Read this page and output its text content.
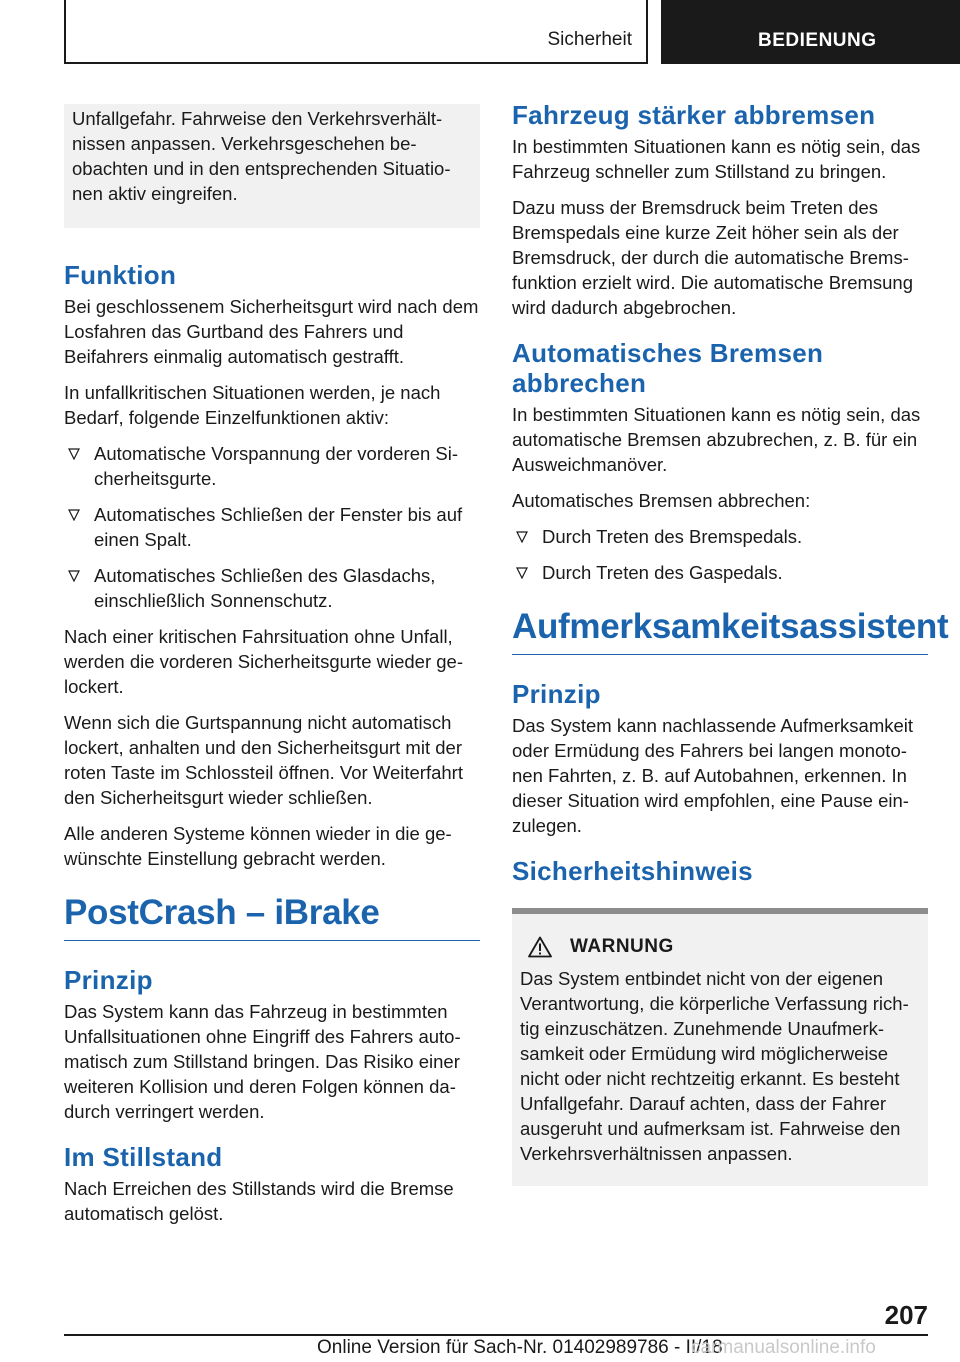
Sicherheit	BEDIENUNG

Unfallgefahr. Fahrweise den Verkehrsverhältnissen anpassen. Verkehrsgeschehen beobachten und in den entsprechenden Situationen aktiv eingreifen.

Funktion

Bei geschlossenem Sicherheitsgurt wird nach dem Losfahren das Gurtband des Fahrers und Beifahrers einmalig automatisch gestrafft.

In unfallkritischen Situationen werden, je nach Bedarf, folgende Einzelfunktionen aktiv:

Automatische Vorspannung der vorderen Sicherheitsgurte.
Automatisches Schließen der Fenster bis auf einen Spalt.
Automatisches Schließen des Glasdachs, einschließlich Sonnenschutz.

Nach einer kritischen Fahrsituation ohne Unfall, werden die vorderen Sicherheitsgurte wieder gelockert.

Wenn sich die Gurtspannung nicht automatisch lockert, anhalten und den Sicherheitsgurt mit der roten Taste im Schlossteil öffnen. Vor Weiterfahrt den Sicherheitsgurt wieder schließen.

Alle anderen Systeme können wieder in die gewünschte Einstellung gebracht werden.

PostCrash – iBrake
Prinzip

Das System kann das Fahrzeug in bestimmten Unfallsituationen ohne Eingriff des Fahrers automatisch zum Stillstand bringen. Das Risiko einer weiteren Kollision und deren Folgen können dadurch verringert werden.

Im Stillstand

Nach Erreichen des Stillstands wird die Bremse automatisch gelöst.

Fahrzeug stärker abbremsen

In bestimmten Situationen kann es nötig sein, das Fahrzeug schneller zum Stillstand zu bringen.

Dazu muss der Bremsdruck beim Treten des Bremspedals eine kurze Zeit höher sein als der Bremsdruck, der durch die automatische Bremsfunktion erzielt wird. Die automatische Bremsung wird dadurch abgebrochen.

Automatisches Bremsen abbrechen

In bestimmten Situationen kann es nötig sein, das automatische Bremsen abzubrechen, z. B. für ein Ausweichmanöver.

Automatisches Bremsen abbrechen:

Durch Treten des Bremspedals.
Durch Treten des Gaspedals.
Aufmerksamkeitsassistent
Prinzip

Das System kann nachlassende Aufmerksamkeit oder Ermüdung des Fahrers bei langen monotonen Fahrten, z. B. auf Autobahnen, erkennen. In dieser Situation wird empfohlen, eine Pause einzulegen.

Sicherheitshinweis
WARNUNG

Das System entbindet nicht von der eigenen Verantwortung, die körperliche Verfassung richtig einzuschätzen. Zunehmende Unaufmerksamkeit oder Ermüdung wird möglicherweise nicht oder nicht rechtzeitig erkannt. Es besteht Unfallgefahr. Darauf achten, dass der Fahrer ausgeruht und aufmerksam ist. Fahrweise den Verkehrsverhältnissen anpassen.

207
Online Version für Sach-Nr. 01402989786 - II/18
carmanualsonline.info
